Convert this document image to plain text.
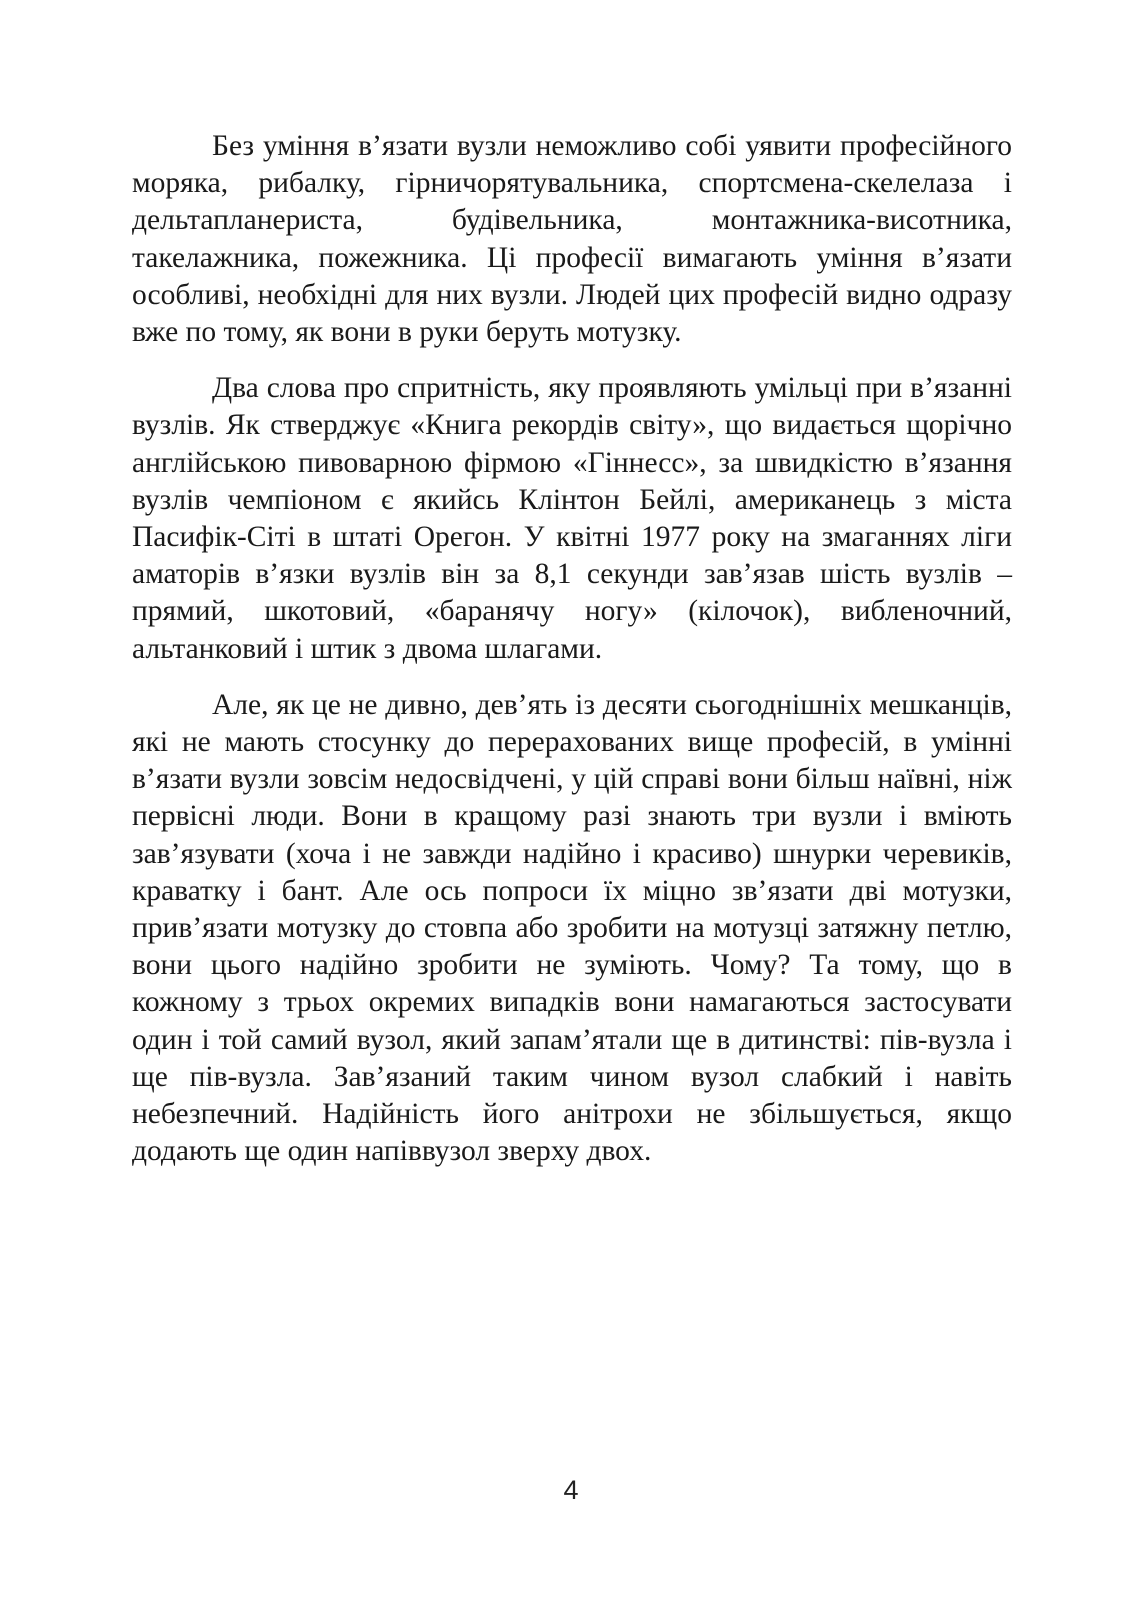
Без уміння в’язати вузли неможливо собі уявити професійного моряка, рибалку, гірничорятувальника, спортсмена-скелелаза і дельтапланериста, будівельника, монтажника-висотника, такелажника, пожежника. Ці професії вимагають уміння в’язати особливі, необхідні для них вузли. Людей цих професій видно одразу вже по тому, як вони в руки беруть мотузку.

Два слова про спритність, яку проявляють умільці при в’язанні вузлів. Як стверджує «Книга рекордів світу», що видається щорічно англійською пивоварною фірмою «Гіннесс», за швидкістю в’язання вузлів чемпіоном є якийсь Клінтон Бейлі, американець з міста Пасифік-Сіті в штаті Орегон. У квітні 1977 року на змаганнях ліги аматорів в’язки вузлів він за 8,1 секунди зав’язав шість вузлів – прямий, шкотовий, «баранячу ногу» (кілочок), вибленочний, альтанковий і штик з двома шлагами.

Але, як це не дивно, дев’ять із десяти сьогоднішніх мешканців, які не мають стосунку до перерахованих вище професій, в умінні в’язати вузли зовсім недосвідчені, у цій справі вони більш наївні, ніж первісні люди. Вони в кращому разі знають три вузли і вміють зав’язувати (хоча і не завжди надійно і красиво) шнурки черевиків, краватку і бант. Але ось попроси їх міцно зв’язати дві мотузки, прив’язати мотузку до стовпа або зробити на мотузці затяжну петлю, вони цього надійно зробити не зуміють. Чому? Та тому, що в кожному з трьох окремих випадків вони намагаються застосувати один і той самий вузол, який запам’ятали ще в дитинстві: пів-вузла і ще пів-вузла. Зав’язаний таким чином вузол слабкий і навіть небезпечний. Надійність його анітрохи не збільшується, якщо додають ще один напіввузол зверху двох.

4
